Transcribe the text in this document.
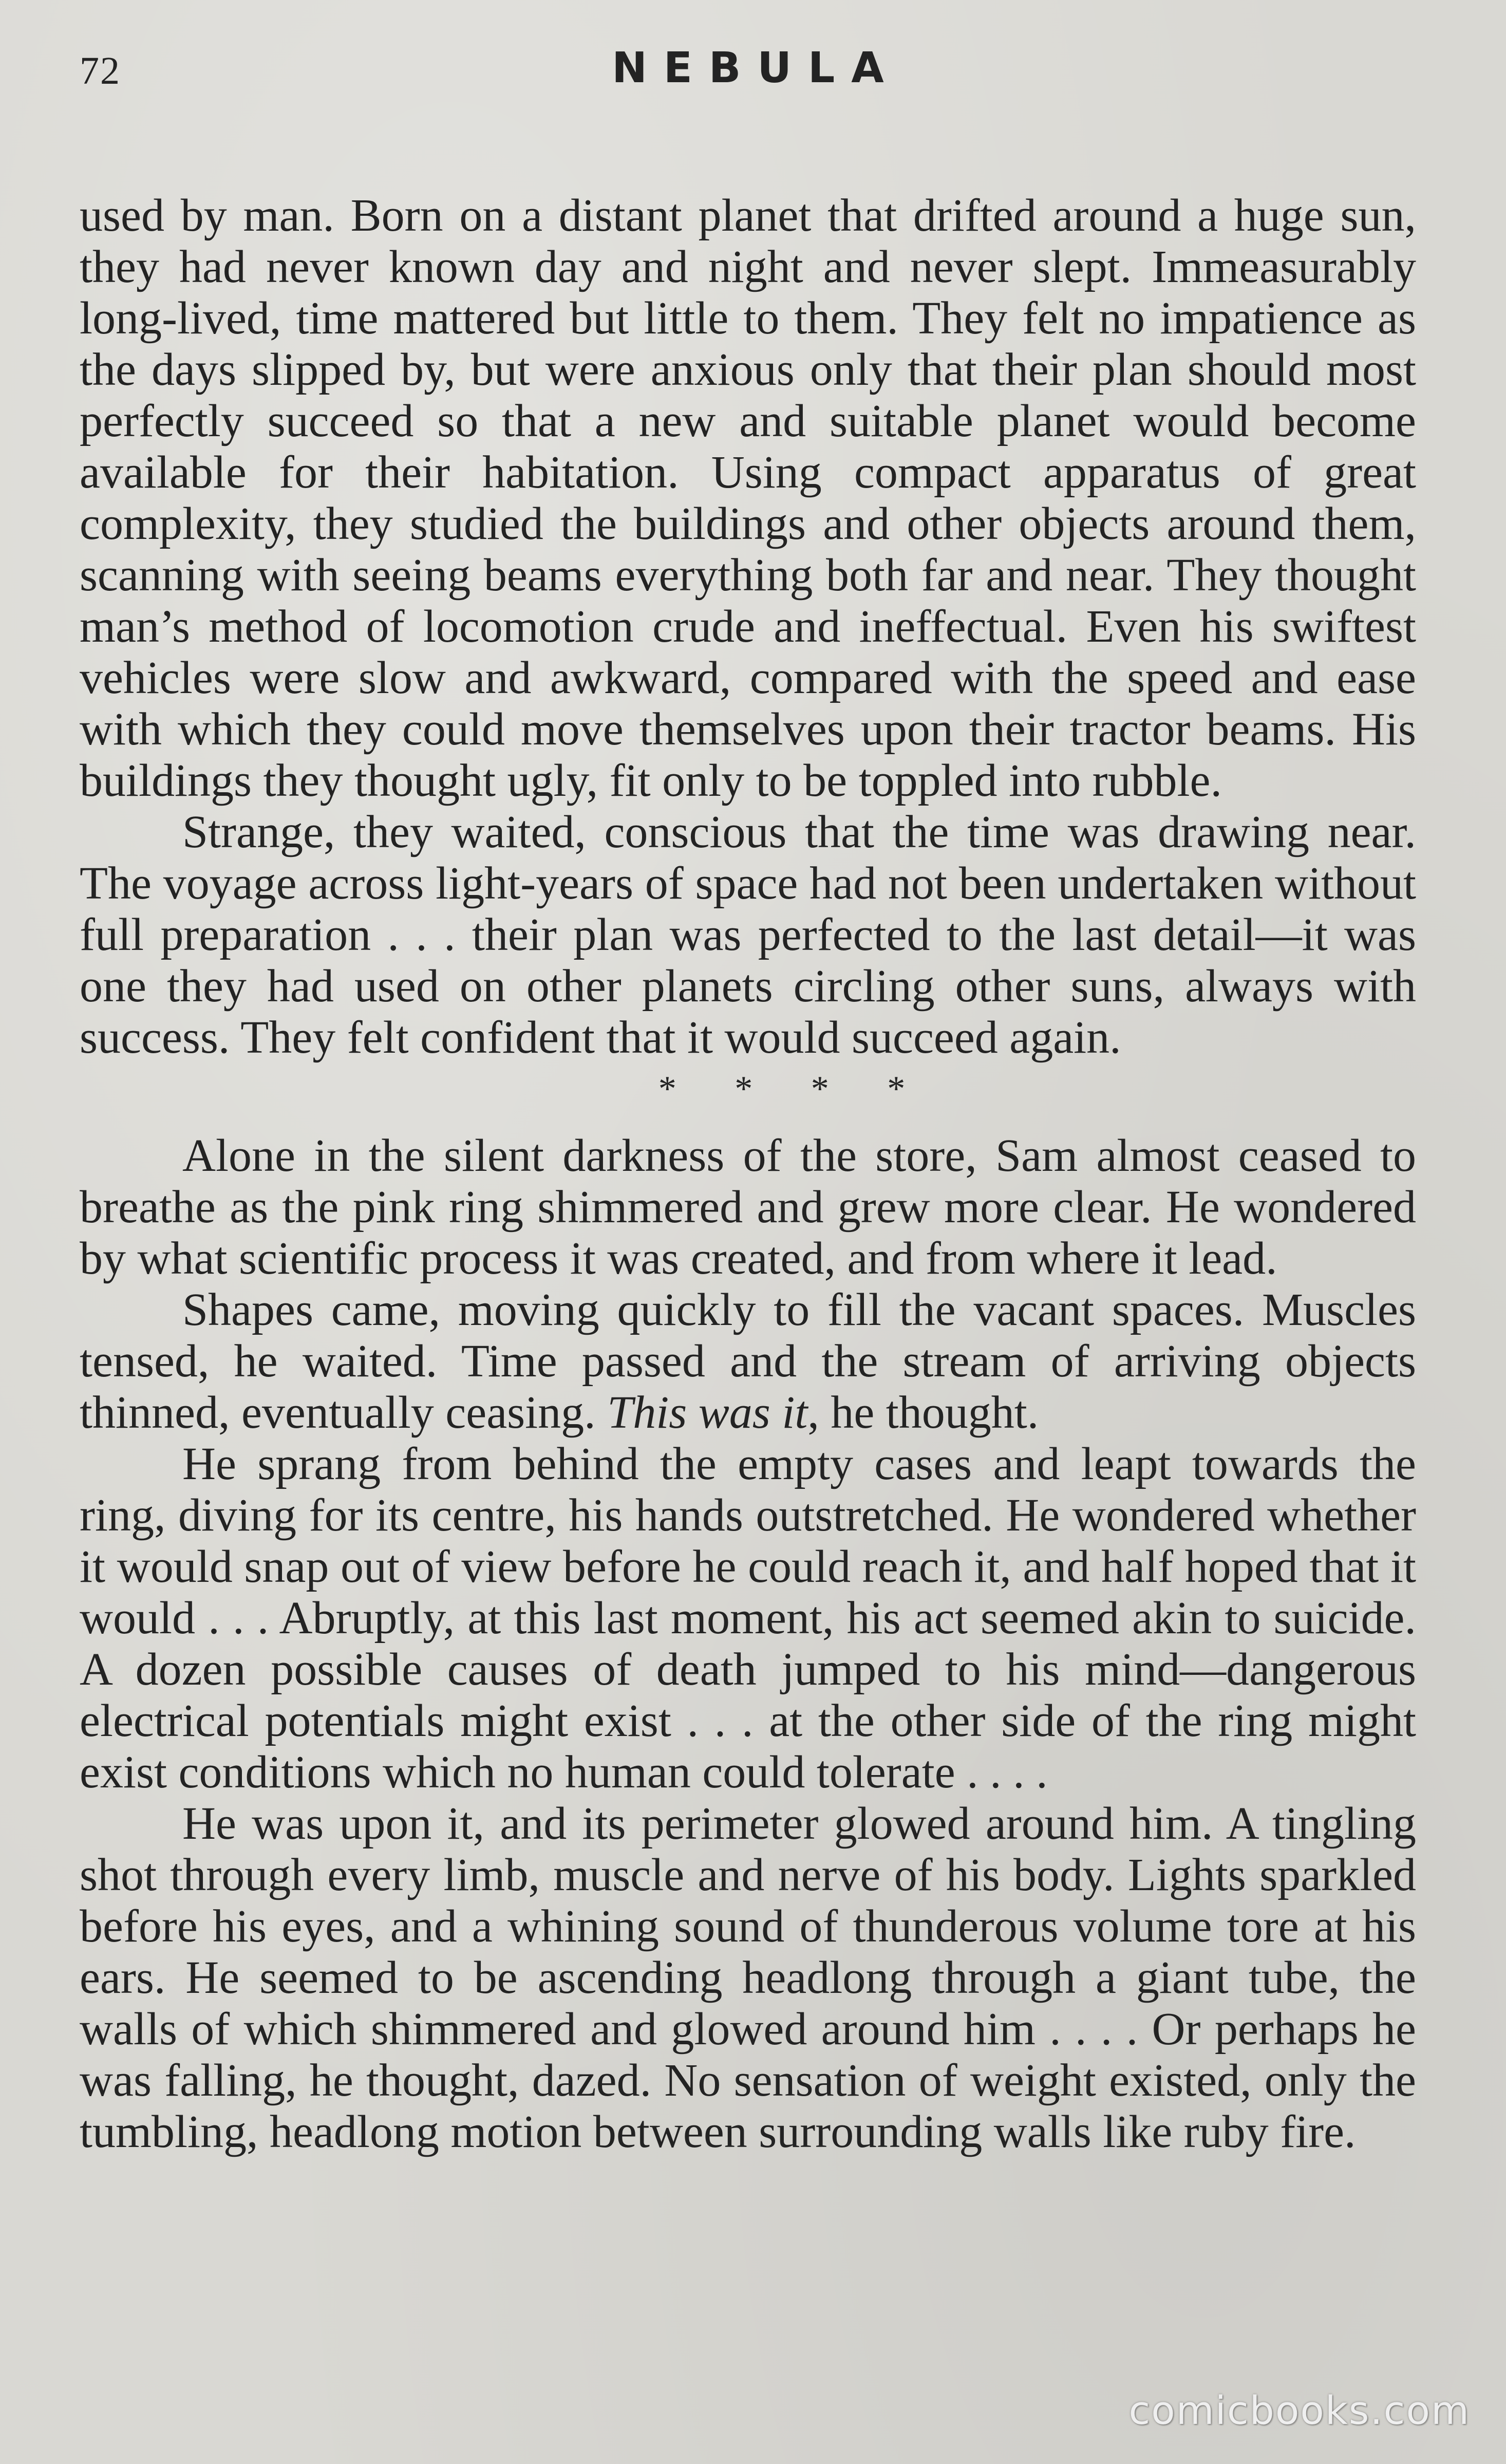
72	NEBULA

used by man. Born on a distant planet that drifted around a huge sun, they had never known day and night and never slept. Immeasurably long-lived, time mattered but little to them. They felt no impatience as the days slipped by, but were anxious only that their plan should most perfectly succeed so that a new and suitable planet would become available for their habitation. Using compact apparatus of great complexity, they studied the buildings and other objects around them, scanning with seeing beams everything both far and near. They thought man’s method of locomotion crude and ineffectual. Even his swiftest vehicles were slow and awkward, compared with the speed and ease with which they could move themselves upon their tractor beams. His buildings they thought ugly, fit only to be toppled into rubble.

Strange, they waited, conscious that the time was drawing near. The voyage across light-years of space had not been undertaken without full preparation . . . their plan was perfected to the last detail—it was one they had used on other planets circling other suns, always with success. They felt confident that it would succeed again.

* * * *

Alone in the silent darkness of the store, Sam almost ceased to breathe as the pink ring shimmered and grew more clear. He wondered by what scientific process it was created, and from where it lead.

Shapes came, moving quickly to fill the vacant spaces. Muscles tensed, he waited. Time passed and the stream of arriving objects thinned, eventually ceasing. This was it, he thought.

He sprang from behind the empty cases and leapt towards the ring, diving for its centre, his hands outstretched. He wondered whether it would snap out of view before he could reach it, and half hoped that it would . . . Abruptly, at this last moment, his act seemed akin to suicide. A dozen possible causes of death jumped to his mind—dangerous electrical potentials might exist . . . at the other side of the ring might exist conditions which no human could tolerate . . . .

He was upon it, and its perimeter glowed around him. A tingling shot through every limb, muscle and nerve of his body. Lights sparkled before his eyes, and a whining sound of thunderous volume tore at his ears. He seemed to be ascending headlong through a giant tube, the walls of which shimmered and glowed around him . . . . Or perhaps he was falling, he thought, dazed. No sensation of weight existed, only the tumbling, headlong motion between surrounding walls like ruby fire.

comicbooks.com
